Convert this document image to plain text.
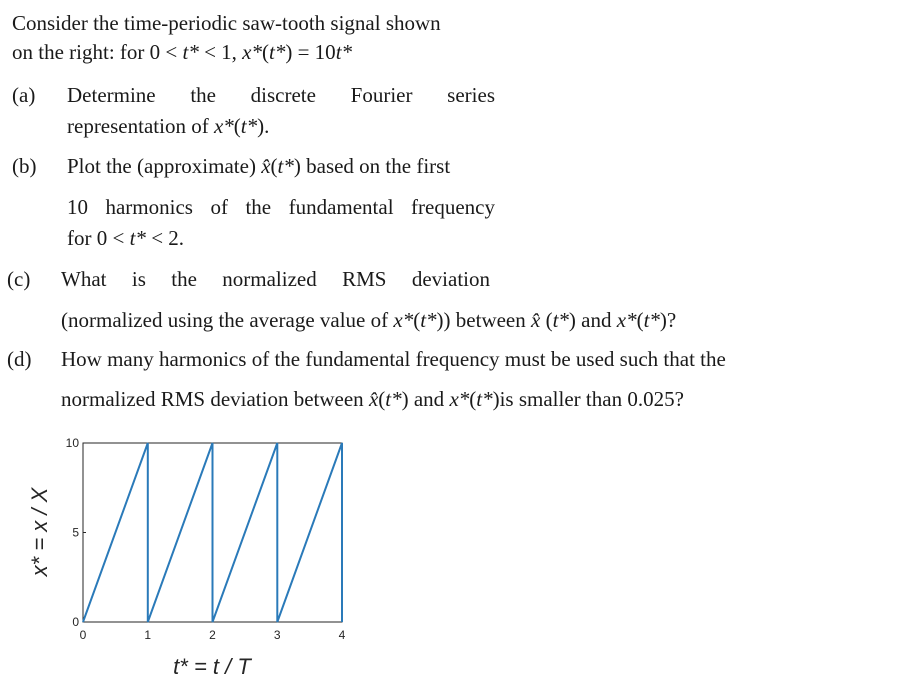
Consider the time-periodic saw-tooth signal shown
on the right: for 0 < t* < 1, x*(t*) = 10t*
(a) Determine the discrete Fourier series
representation of x*(t*).
(b) Plot the (approximate) x̂(t*) based on the first
10 harmonics of the fundamental frequency
for 0 < t* < 2.
(c) What is the normalized RMS deviation
(normalized using the average value of x*(t*)) between x̂ (t*) and x*(t*)?
(d) How many harmonics of the fundamental frequency must be used such that the
normalized RMS deviation between x̂(t*) and x*(t*)is smaller than 0.025?
0	1	2	3	4
0
5
10
t* = t / T
x* = x / X
